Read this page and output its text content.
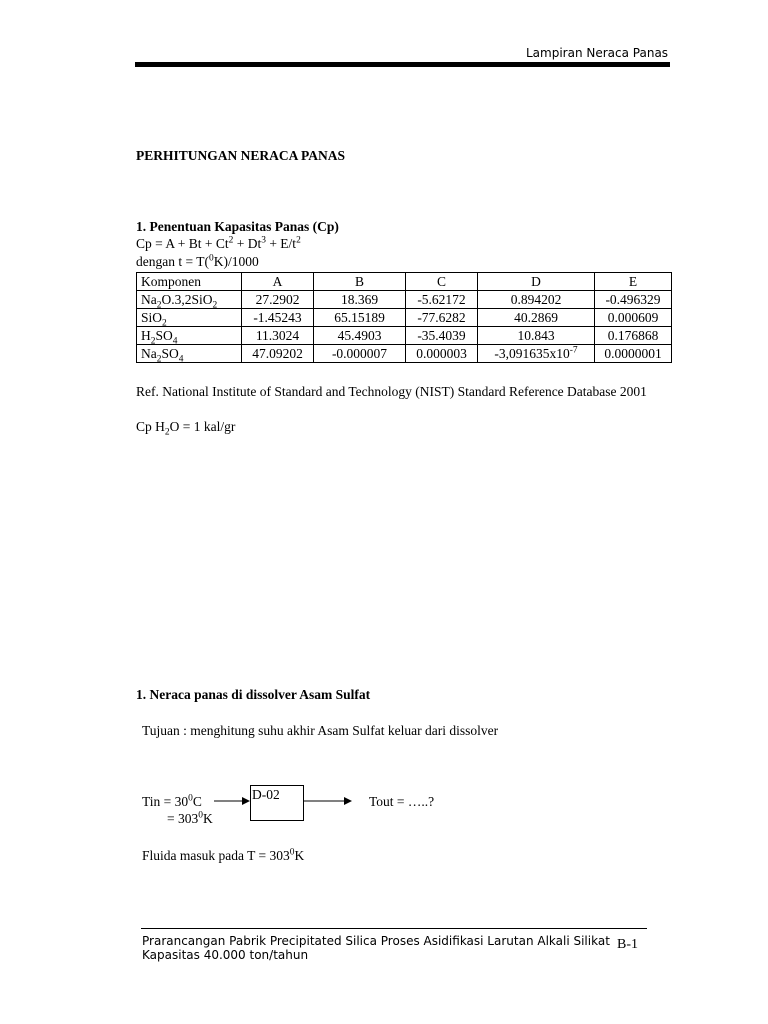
Lampiran Neraca Panas
PERHITUNGAN NERACA PANAS
1. Penentuan Kapasitas Panas (Cp)
$Cp = A + Bt + Ct^2 + Dt^3 + E/t^2$
dengan t = T($^0$K)/1000
Komponen	A	B	C	D	E
$Na_2O.3,2SiO_2$	27.2902	18.369	-5.62172	0.894202	-0.496329
SiO$_2$	-1.45243	65.15189	-77.6282	40.2869	0.000609
$H_2SO_4$	11.3024	45.4903	-35.4039	10.843	0.176868
$Na_2SO_4$	47.09202	-0.000007	0.000003	$-3,091635x10^{-7}$	0.0000001
Ref. National Institute of Standard and Technology (NIST) Standard Reference Database 2001
Cp $H_2O = 1$ kal/gr
1. Neraca panas di dissolver Asam Sulfat
Tujuan : menghitung suhu akhir Asam Sulfat keluar dari dissolver
Tin = $30^0C$
= $303^0K$
D-02	Tout = …..?
Fluida masuk pada $T = 303^0K$
Prarancangan Pabrik Precipitated Silica Proses Asidifikasi Larutan Alkali Silikat
Kapasitas 40.000 ton/tahun
B-1
